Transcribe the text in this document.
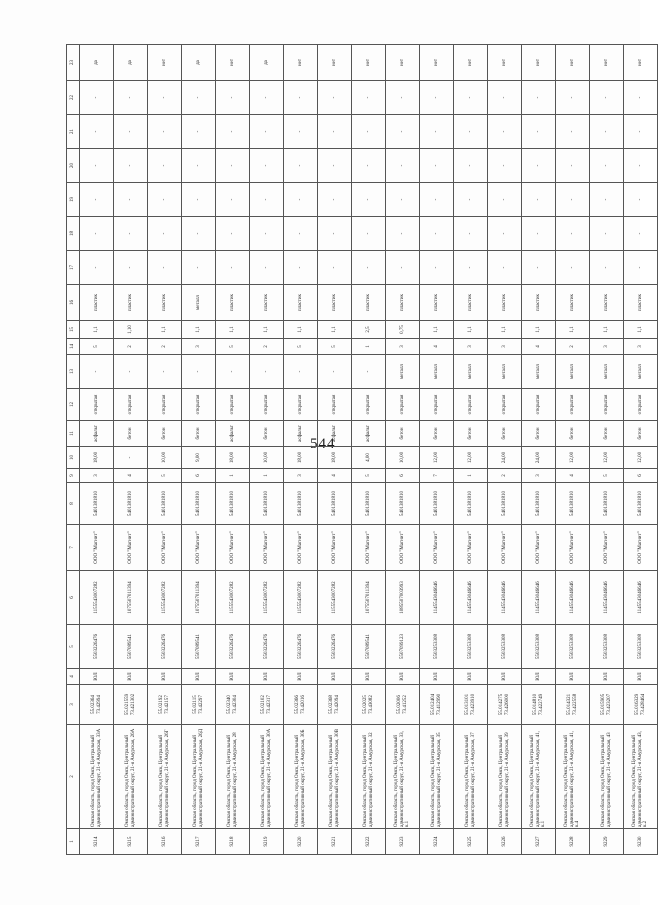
544
1	2	3	4	5	6	7	8	9	10	11	12	13	14	15	16	17	18	19	20	21	22	23
9214	Омская область, город Омск, Центральный административный округ, 21-я Амурская, 33А	55.02364 73.42994	ЮЛ	5503226476	1155543007282	ООО "Магнит"	5401381810	3	18,00	асфальт	открытая	-	5	1,1	пластик	-	-	-	-	-	-	да
9215	Омская область, город Омск, Центральный административный округ, 21-я Амурская, 26А	55.021559 73.421302	ЮЛ	5507089541	1075507011394	ООО "Магнит"	5401381810	4	-	бетон	открытая	-	2	1,10	пластик	-	-	-	-	-	-	да
9216	Омская область, город Омск, Центральный административный округ, 21-я Амурская, 26Г	55.02192 73.42157	ЮЛ	5503226476	1155543007282	ООО "Магнит"	5401381810	5	10,00	бетон	открытая	-	2	1,1	пластик	-	-	-	-	-	-	нет
9217	Омская область, город Омск, Центральный административный округ, 21-я Амурская, 26Д	55.02115 73.42297	ЮЛ	5507089541	1075507011394	ООО "Магнит"	5401381810	6	9,00	бетон	открытая	-	3	1,1	металл	-	-	-	-	-	-	да
9218	Омская область, город Омск, Центральный административный округ, 21-я Амурская, 28	55.02340 73.42304	ЮЛ	5503226476	1155543007282	ООО "Магнит"	5401381810	1	18,00	асфальт	открытая	-	5	1,1	пластик	-	-	-	-	-	-	нет
9219	Омская область, город Омск, Центральный административный округ, 21-я Амурская, 30А	55.02102 73.42317	ЮЛ	5503226476	1155543007282	ООО "Магнит"	5401381810	1	10,00	бетон	открытая	-	2	1,1	пластик	-	-	-	-	-	-	да
9220	Омская область, город Омск, Центральный административный округ, 21-я Амурская, 30Б	55.02366 73.42016	ЮЛ	5503226476	1155543007282	ООО "Магнит"	5401381810	3	18,00	асфальт	открытая	-	5	1,1	пластик	-	-	-	-	-	-	нет
9221	Омская область, город Омск, Центральный административный округ, 21-я Амурская, 30В	55.02368 73.42094	ЮЛ	5503226476	1155543007282	ООО "Магнит"	5401381810	4	18,00	асфальт	открытая	-	5	1,1	пластик	-	-	-	-	-	-	нет
9222	Омская область, город Омск, Центральный административный округ, 21-я Амурская, 32	55.02025 73.43082	ЮЛ	5507089541	1075507011394	ООО "Магнит"	5401381810	5	4,00	асфальт	открытая	-	1	2,5	пластик	-	-	-	-	-	-	нет
9223	Омская область, город Омск, Центральный административный округ, 21-я Амурская, 33, к.1	55.02006 73.41252	ЮЛ	5507099123	1085507003993	ООО "Магнит"	5401381810	6	10,00	бетон	открытая	металл	3	0,75	пластик	-	-	-	-	-	-	нет
9224	Омская область, город Омск, Центральный административный округ, 21-я Амурская, 35	55.012404 73.412990	ЮЛ	5503253308	1145543046646	ООО "Магнит"	5401381810	7	12,00	бетон	открытая	металл	4	1,1	пластик	-	-	-	-	-	-	нет
9225	Омская область, город Омск, Центральный административный округ, 21-я Амурская, 37	55.013101 73.423910	ЮЛ	5503253308	1145543046646	ООО "Магнит"	5401381810	1	12,00	бетон	открытая	металл	3	1,1	пластик	-	-	-	-	-	-	нет
9226	Омская область, город Омск, Центральный административный округ, 21-я Амурская, 39	55.014275 73.426000	ЮЛ	5503253308	1145543046646	ООО "Магнит"	5401381810	2	24,00	бетон	открытая	металл	3	1,1	пластик	-	-	-	-	-	-	нет
9227	Омская область, город Омск, Центральный административный округ, 21-я Амурская, 41, к.1	55.014810 73.422749	ЮЛ	5503253308	1145543046646	ООО "Магнит"	5401381810	3	24,00	бетон	открытая	металл	4	1,1	пластик	-	-	-	-	-	-	нет
9228	Омская область, город Омск, Центральный административный округ, 21-я Амурская, 41, к.4	55.014321 73.422558	ЮЛ	5503253308	1145543046646	ООО "Магнит"	5401381810	4	12,00	бетон	открытая	металл	2	1,1	пластик	-	-	-	-	-	-	нет
9229	Омская область, город Омск, Центральный административный округ, 21-я Амурская, 43	55.015905 73.423207	ЮЛ	5503253308	1145543046646	ООО "Магнит"	5401381810	5	12,00	бетон	открытая	металл	3	1,1	пластик	-	-	-	-	-	-	нет
9230	Омская область, город Омск, Центральный административный округ, 21-я Амурская, 43, к.2	55.016329 73.428464	ЮЛ	5503253308	1145543046646	ООО "Магнит"	5401381810	6	12,00	бетон	открытая	металл	3	1,1	пластик	-	-	-	-	-	-	нет
